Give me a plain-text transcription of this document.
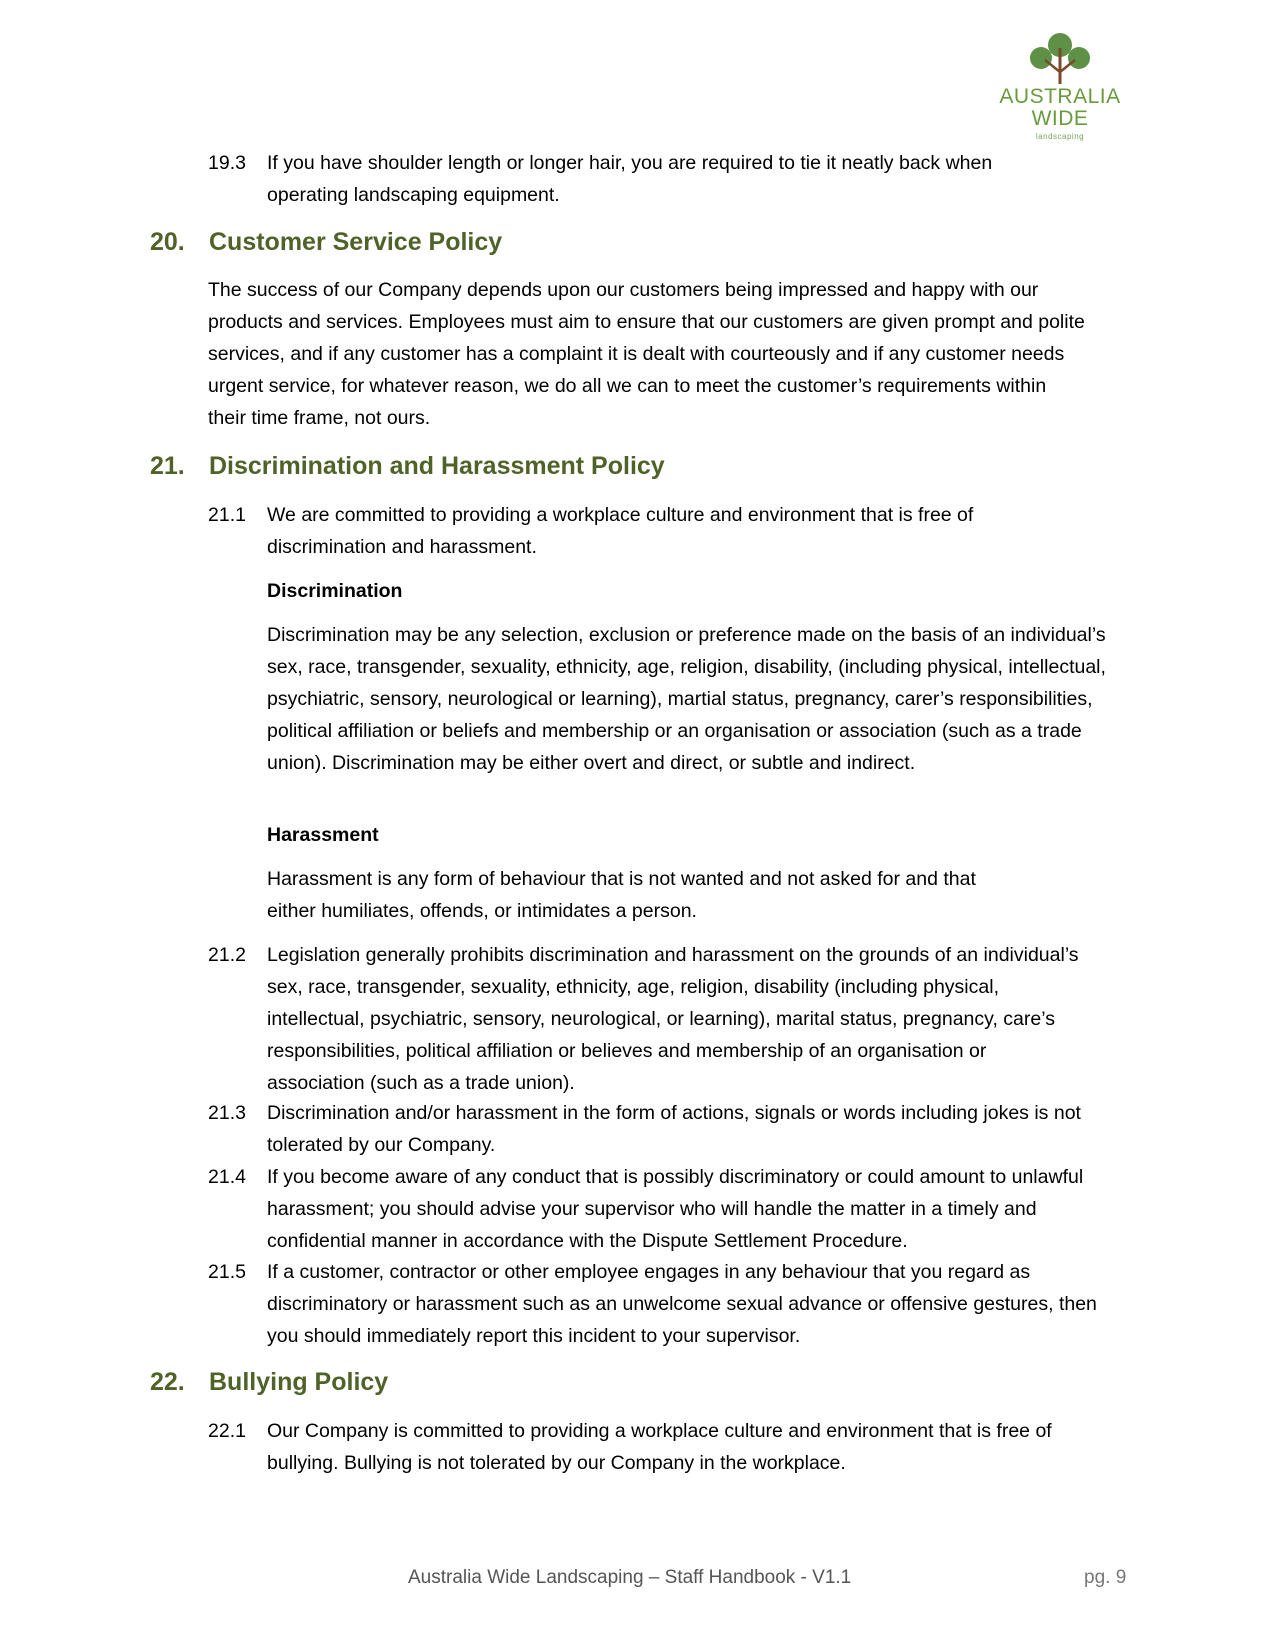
AUSTRALIA
WIDE
landscaping
19.3	If you have shoulder length or longer hair, you are required to tie it neatly back when operating landscaping equipment.
20. Customer Service Policy
The success of our Company depends upon our customers being impressed and happy with our products and services. Employees must aim to ensure that our customers are given prompt and polite services, and if any customer has a complaint it is dealt with courteously and if any customer needs urgent service, for whatever reason, we do all we can to meet the customer’s requirements within their time frame, not ours.
21. Discrimination and Harassment Policy
21.1	We are committed to providing a workplace culture and environment that is free of discrimination and harassment.
Discrimination
Discrimination may be any selection, exclusion or preference made on the basis of an individual’s sex, race, transgender, sexuality, ethnicity, age, religion, disability, (including physical, intellectual, psychiatric, sensory, neurological or learning), martial status, pregnancy, carer’s responsibilities, political affiliation or beliefs and membership or an organisation or association (such as a trade union). Discrimination may be either overt and direct, or subtle and indirect.
Harassment
Harassment is any form of behaviour that is not wanted and not asked for and that either humiliates, offends, or intimidates a person.
21.2	Legislation generally prohibits discrimination and harassment on the grounds of an individual’s sex, race, transgender, sexuality, ethnicity, age, religion, disability (including physical, intellectual, psychiatric, sensory, neurological, or learning), marital status, pregnancy, care’s responsibilities, political affiliation or believes and membership of an organisation or association (such as a trade union).
21.3	Discrimination and/or harassment in the form of actions, signals or words including jokes is not tolerated by our Company.
21.4	If you become aware of any conduct that is possibly discriminatory or could amount to unlawful harassment; you should advise your supervisor who will handle the matter in a timely and confidential manner in accordance with the Dispute Settlement Procedure.
21.5	If a customer, contractor or other employee engages in any behaviour that you regard as discriminatory or harassment such as an unwelcome sexual advance or offensive gestures, then you should immediately report this incident to your supervisor.
22. Bullying Policy
22.1	Our Company is committed to providing a workplace culture and environment that is free of bullying. Bullying is not tolerated by our Company in the workplace.
Australia Wide Landscaping – Staff Handbook - V1.1	pg. 9
